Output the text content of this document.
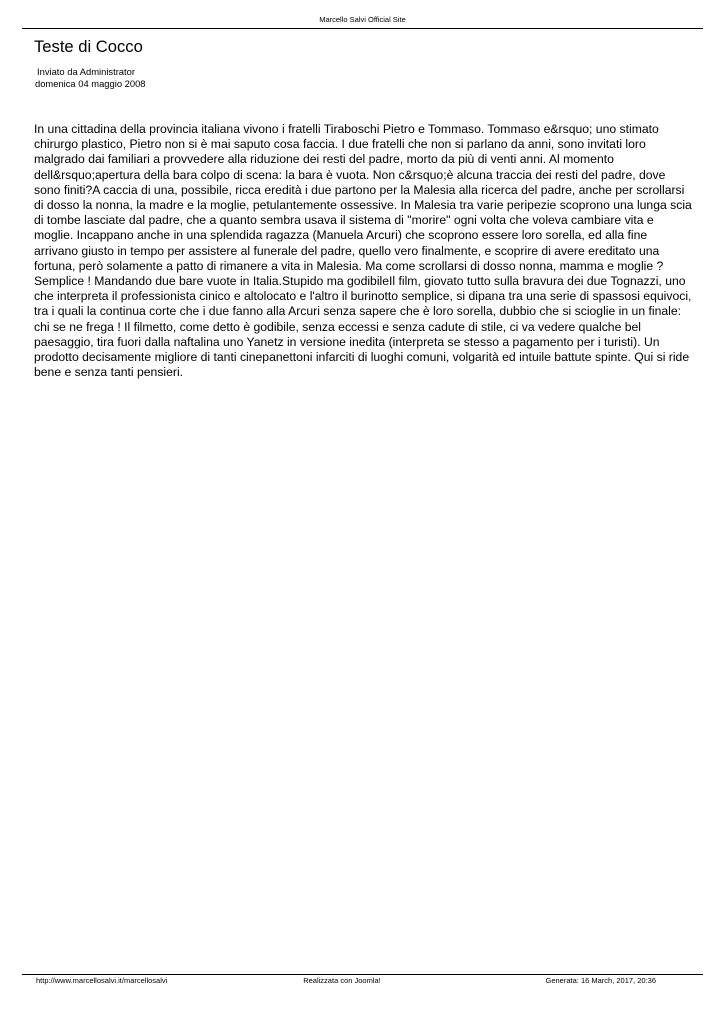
Marcello Salvi Official Site
Teste di Cocco
Inviato da Administrator
domenica 04 maggio 2008

In una cittadina della provincia italiana vivono i fratelli Tiraboschi Pietro e Tommaso. Tommaso e&rsquo; uno stimato chirurgo plastico, Pietro non si è mai saputo cosa faccia. I due fratelli che non si parlano da anni, sono invitati loro malgrado dai familiari a provvedere alla riduzione dei resti del padre, morto da più di venti anni. Al momento dell&rsquo;apertura della bara colpo di scena: la bara è vuota. Non c&rsquo;è alcuna traccia dei resti del padre, dove sono finiti?A caccia di una, possibile, ricca eredità i due partono per la Malesia alla ricerca del padre, anche per scrollarsi di dosso la nonna, la madre e la moglie, petulantemente ossessive. In Malesia tra varie peripezie scoprono una lunga scia di tombe lasciate dal padre, che a quanto sembra usava il sistema di "morire" ogni volta che voleva cambiare vita e moglie. Incappano anche in una splendida ragazza (Manuela Arcuri) che scoprono essere loro sorella, ed alla fine arrivano giusto in tempo per assistere al funerale del padre, quello vero finalmente, e scoprire di avere ereditato una fortuna, però solamente a patto di rimanere a vita in Malesia. Ma come scrollarsi di dosso nonna, mamma e moglie ? Semplice ! Mandando due bare vuote in Italia.Stupido ma godibileIl film, giovato tutto sulla bravura dei due Tognazzi, uno che interpreta il professionista cinico e altolocato e l'altro il burinotto semplice, si dipana tra una serie di spassosi equivoci, tra i quali la continua corte che i due fanno alla Arcuri senza sapere che è loro sorella, dubbio che si scioglie in un finale: chi se ne frega ! Il filmetto, come detto è godibile, senza eccessi e senza cadute di stile, ci va vedere qualche bel paesaggio, tira fuori dalla naftalina uno Yanetz in versione inedita (interpreta se stesso a pagamento per i turisti). Un prodotto decisamente migliore di tanti cinepanettoni infarciti di luoghi comuni, volgarità ed intuile battute spinte. Qui si ride bene e senza tanti pensieri.

http://www.marcellosalvi.it/marcellosalvi	Realizzata con Joomla!	Generata: 16 March, 2017, 20:36
